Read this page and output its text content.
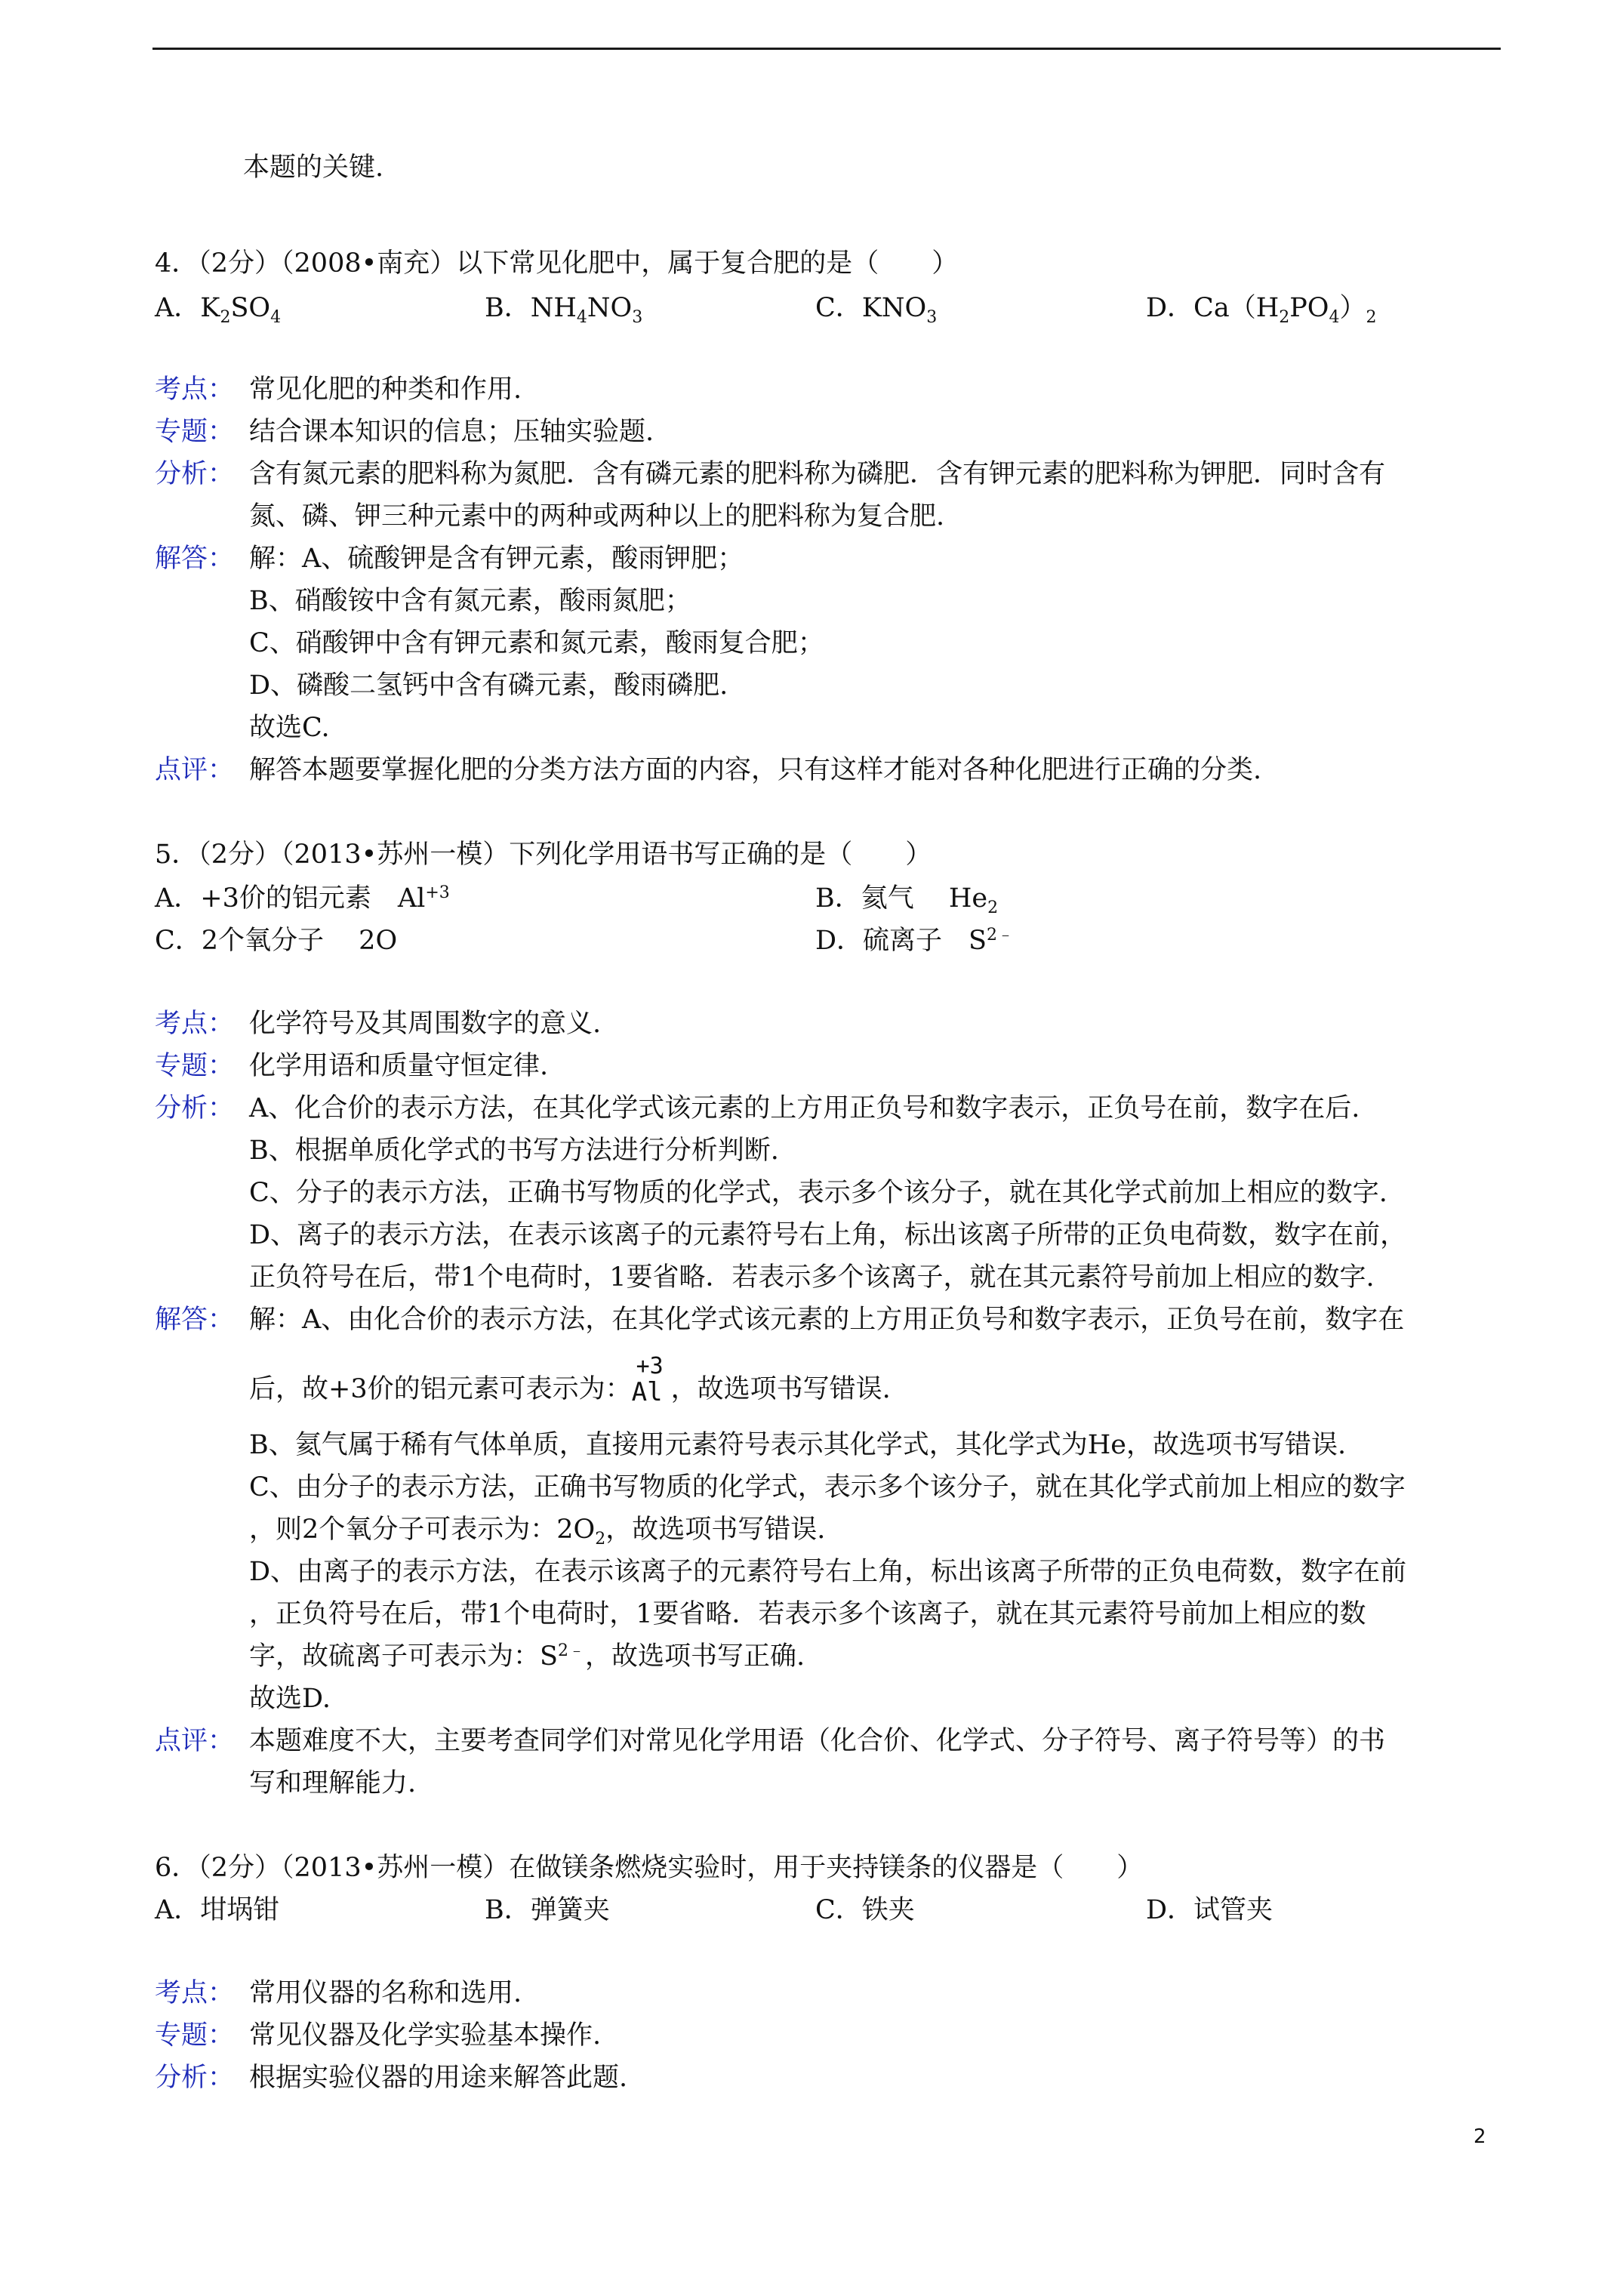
本题的关键.
4．（2分）（2008•南充）以下常见化肥中，属于复合肥的是（　　）
A．$K_2SO_4$	B．$NH_4NO_3$	C．$KNO_3$	D．$Ca(H_2PO_4)_2$
考点： 常见化肥的种类和作用.
专题： 结合课本知识的信息；压轴实验题.
分析： 含有氮元素的肥料称为氮肥．含有磷元素的肥料称为磷肥．含有钾元素的肥料称为钾肥．同时含有
氮、磷、钾三种元素中的两种或两种以上的肥料称为复合肥.
解答： 解：A、硫酸钾是含有钾元素，酸雨钾肥；
B、硝酸铵中含有氮元素，酸雨氮肥；
C、硝酸钾中含有钾元素和氮元素，酸雨复合肥；
D、磷酸二氢钙中含有磷元素，酸雨磷肥.
故选C.
点评： 解答本题要掌握化肥的分类方法方面的内容，只有这样才能对各种化肥进行正确的分类.
5．（2分）（2013•苏州一模）下列化学用语书写正确的是（　　）
A．+3价的铝元素　$Al^{+3}$	B．氦气　 $He_2$
C．2个氧分子　 2O	D．硫离子　$S^{2﹣}$
考点： 化学符号及其周围数字的意义.
专题： 化学用语和质量守恒定律.
分析： A、化合价的表示方法，在其化学式该元素的上方用正负号和数字表示，正负号在前，数字在后.
B、根据单质化学式的书写方法进行分析判断.
C、分子的表示方法，正确书写物质的化学式，表示多个该分子，就在其化学式前加上相应的数字.
D、离子的表示方法，在表示该离子的元素符号右上角，标出该离子所带的正负电荷数，数字在前，
正负符号在后，带1个电荷时，1要省略．若表示多个该离子，就在其元素符号前加上相应的数字.
解答： 解：A、由化合价的表示方法，在其化学式该元素的上方用正负号和数字表示，正负号在前，数字在
后，故+3价的铝元素可表示为：
+3
Al ，故选项书写错误.
B、氦气属于稀有气体单质，直接用元素符号表示其化学式，其化学式为He，故选项书写错误.
C、由分子的表示方法，正确书写物质的化学式，表示多个该分子，就在其化学式前加上相应的数字
，则2个氧分子可表示为：$2O_2$，故选项书写错误.
D、由离子的表示方法，在表示该离子的元素符号右上角，标出该离子所带的正负电荷数，数字在前
，正负符号在后，带1个电荷时，1要省略．若表示多个该离子，就在其元素符号前加上相应的数
字，故硫离子可表示为：$S^{2﹣}$，故选项书写正确.
故选D.
点评： 本题难度不大，主要考查同学们对常见化学用语（化合价、化学式、分子符号、离子符号等）的书
写和理解能力.
6．（2分）（2013•苏州一模）在做镁条燃烧实验时，用于夹持镁条的仪器是（　　）
A．坩埚钳	B．弹簧夹	C．铁夹	D．试管夹
考点： 常用仪器的名称和选用.
专题： 常见仪器及化学实验基本操作.
分析： 根据实验仪器的用途来解答此题.
2
